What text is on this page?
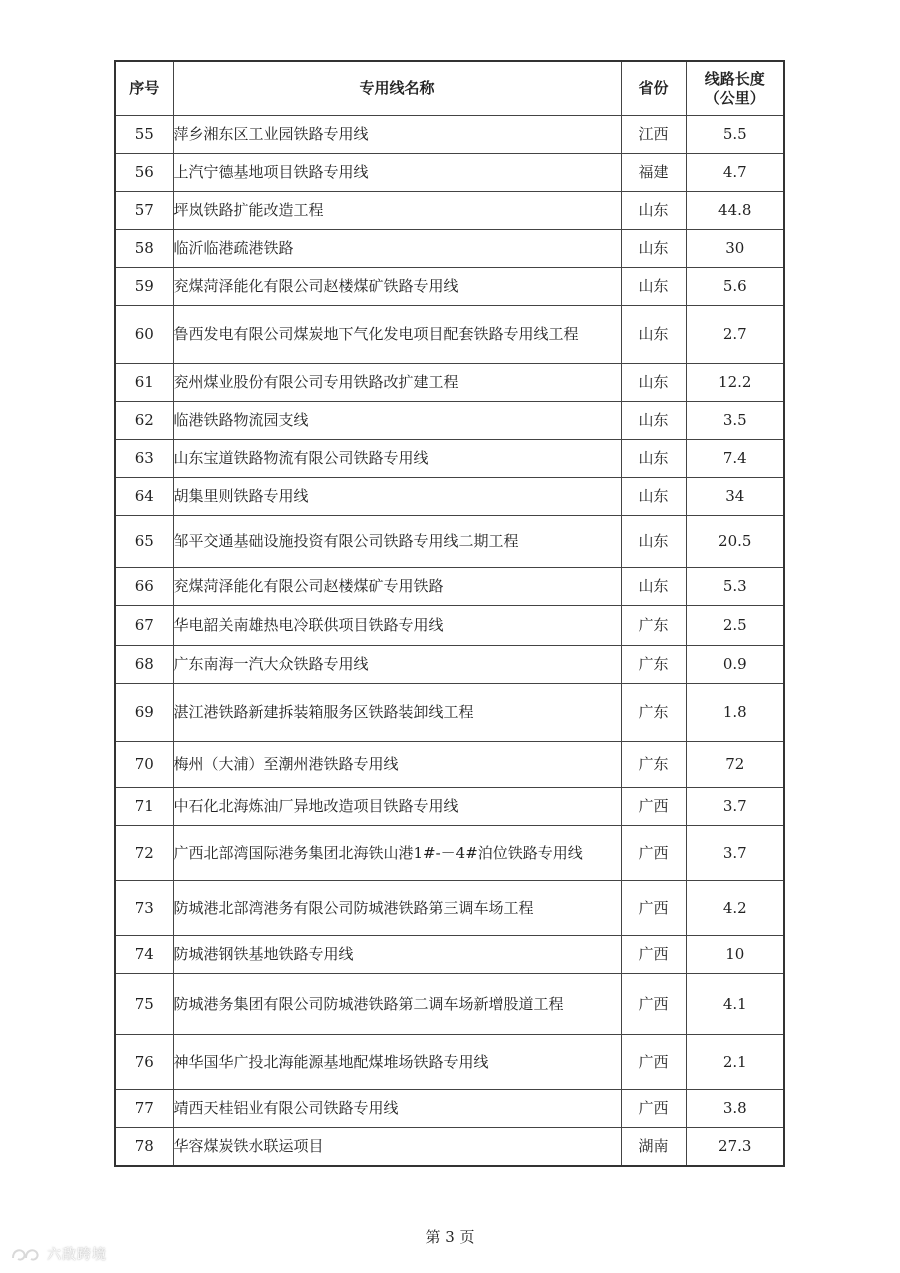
序号	专用线名称	省份	线路长度
（公里）

55	萍乡湘东区工业园铁路专用线	江西	5.5
56	上汽宁德基地项目铁路专用线	福建	4.7
57	坪岚铁路扩能改造工程	山东	44.8
58	临沂临港疏港铁路	山东	30
59	兖煤菏泽能化有限公司赵楼煤矿铁路专用线	山东	5.6
60	鲁西发电有限公司煤炭地下气化发电项目配套铁路专用线工程	山东	2.7
61	兖州煤业股份有限公司专用铁路改扩建工程	山东	12.2
62	临港铁路物流园支线	山东	3.5
63	山东宝道铁路物流有限公司铁路专用线	山东	7.4
64	胡集里则铁路专用线	山东	34
65	邹平交通基础设施投资有限公司铁路专用线二期工程	山东	20.5
66	兖煤菏泽能化有限公司赵楼煤矿专用铁路	山东	5.3
67	华电韶关南雄热电冷联供项目铁路专用线	广东	2.5
68	广东南海一汽大众铁路专用线	广东	0.9
69	湛江港铁路新建拆装箱服务区铁路装卸线工程	广东	1.8
70	梅州（大浦）至潮州港铁路专用线	广东	72
71	中石化北海炼油厂异地改造项目铁路专用线	广西	3.7
72	广西北部湾国际港务集团北海铁山港1#-－4#泊位铁路专用线	广西	3.7
73	防城港北部湾港务有限公司防城港铁路第三调车场工程	广西	4.2
74	防城港钢铁基地铁路专用线	广西	10
75	防城港务集团有限公司防城港铁路第二调车场新增股道工程	广西	4.1
76	神华国华广投北海能源基地配煤堆场铁路专用线	广西	2.1
77	靖西天桂铝业有限公司铁路专用线	广西	3.8
78	华容煤炭铁水联运项目	湖南	27.3
第 3 页
六敌跨境
